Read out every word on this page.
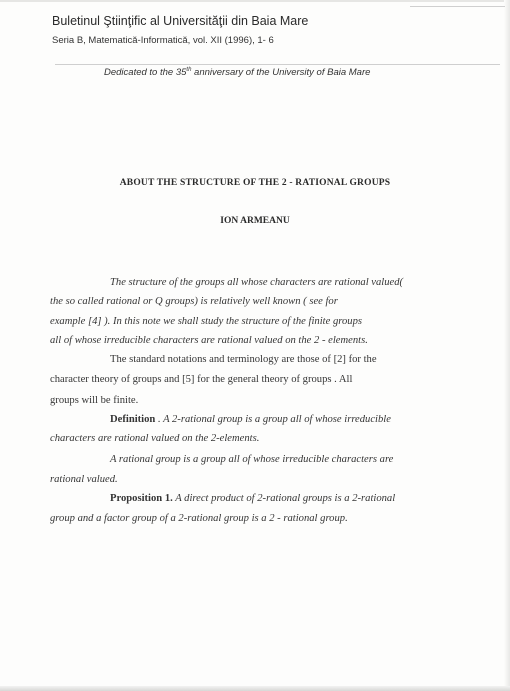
Buletinul Ştiinţific al Universităţii din Baia Mare
Seria B, Matematică-Informatică, vol. XII (1996), 1- 6
Dedicated to the 35th anniversary of the University of Baia Mare
ABOUT THE STRUCTURE OF THE 2 - RATIONAL GROUPS
ION ARMEANU
The structure of the groups all whose characters are rational valued(
the so called rational or Q groups) is relatively well known ( see for
example [4] ). In this note we shall study the structure of the finite groups
all of whose irreducible characters are rational valued on the 2 - elements.
The standard notations and terminology are those of [2] for the
character theory of groups and [5] for the general theory of groups . All
groups will be finite.
Definition . A 2-rational group is a group all of whose irreducible
characters are rational valued on the 2-elements.
A rational group is a group all of whose irreducible characters are
rational valued.
Proposition 1. A direct product of 2-rational groups is a 2-rational
group and a factor group of a 2-rational group is a 2 - rational group.
